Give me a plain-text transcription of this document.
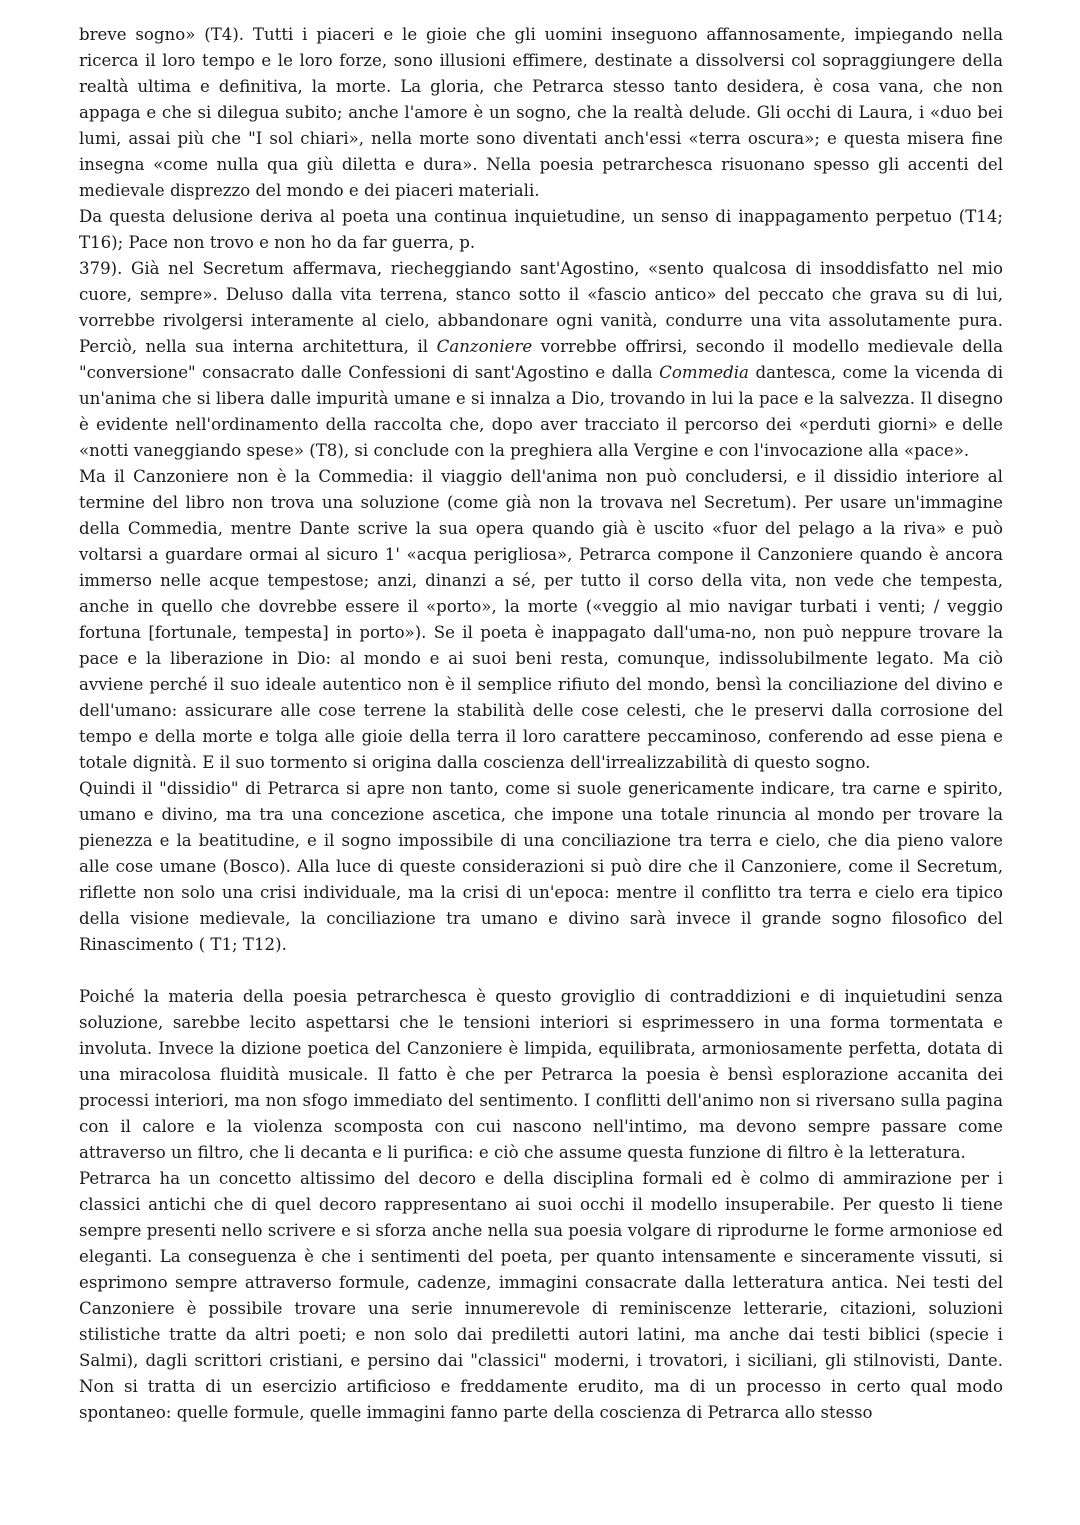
breve sogno» (T4). Tutti i piaceri e le gioie che gli uomini inseguono affannosamente, impiegando nella ricerca il loro tempo e le loro forze, sono illusioni effimere, destinate a dissolversi col sopraggiungere della realtà ultima e definitiva, la morte. La gloria, che Petrarca stesso tanto desidera, è cosa vana, che non appaga e che si dilegua subito; anche l'amore è un sogno, che la realtà delude. Gli occhi di Laura, i «duo bei lumi, assai più che "I sol chiari», nella morte sono diventati anch'essi «terra oscura»; e questa misera fine insegna «come nulla qua giù diletta e dura». Nella poesia petrarchesca risuonano spesso gli accenti del medievale disprezzo del mondo e dei piaceri materiali.

Da questa delusione deriva al poeta una continua inquietudine, un senso di inappagamento perpetuo (T14; T16); Pace non trovo e non ho da far guerra, p.

379). Già nel Secretum affermava, riecheggiando sant'Agostino, «sento qualcosa di insoddisfatto nel mio cuore, sempre». Deluso dalla vita terrena, stanco sotto il «fascio antico» del peccato che grava su di lui, vorrebbe rivolgersi interamente al cielo, abbandonare ogni vanità, condurre una vita assolutamente pura. Perciò, nella sua interna architettura, il Canzoniere vorrebbe offrirsi, secondo il modello medievale della "conversione" consacrato dalle Confessioni di sant'Agostino e dalla Commedia dantesca, come la vicenda di un'anima che si libera dalle impurità umane e si innalza a Dio, trovando in lui la pace e la salvezza. Il disegno è evidente nell'ordinamento della raccolta che, dopo aver tracciato il percorso dei «perduti giorni» e delle «notti vaneggiando spese» (T8), si conclude con la preghiera alla Vergine e con l'invocazione alla «pace».

Ma il Canzoniere non è la Commedia: il viaggio dell'anima non può concludersi, e il dissidio interiore al termine del libro non trova una soluzione (come già non la trovava nel Secretum). Per usare un'immagine della Commedia, mentre Dante scrive la sua opera quando già è uscito «fuor del pelago a la riva» e può voltarsi a guardare ormai al sicuro 1' «acqua perigliosa», Petrarca compone il Canzoniere quando è ancora immerso nelle acque tempestose; anzi, dinanzi a sé, per tutto il corso della vita, non vede che tempesta, anche in quello che dovrebbe essere il «porto», la morte («veggio al mio navigar turbati i venti; / veggio fortuna [fortunale, tempesta] in porto»). Se il poeta è inappagato dall'uma-no, non può neppure trovare la pace e la liberazione in Dio: al mondo e ai suoi beni resta, comunque, indissolubilmente legato. Ma ciò avviene perché il suo ideale autentico non è il semplice rifiuto del mondo, bensì la conciliazione del divino e dell'umano: assicurare alle cose terrene la stabilità delle cose celesti, che le preservi dalla corrosione del tempo e della morte e tolga alle gioie della terra il loro carattere peccaminoso, conferendo ad esse piena e totale dignità. E il suo tormento si origina dalla coscienza dell'irrealizzabilità di questo sogno.

Quindi il "dissidio" di Petrarca si apre non tanto, come si suole genericamente indicare, tra carne e spirito, umano e divino, ma tra una concezione ascetica, che impone una totale rinuncia al mondo per trovare la pienezza e la beatitudine, e il sogno impossibile di una conciliazione tra terra e cielo, che dia pieno valore alle cose umane (Bosco). Alla luce di queste considerazioni si può dire che il Canzoniere, come il Secretum, riflette non solo una crisi individuale, ma la crisi di un'epoca: mentre il conflitto tra terra e cielo era tipico della visione medievale, la conciliazione tra umano e divino sarà invece il grande sogno filosofico del Rinascimento ( T1; T12).

Poiché la materia della poesia petrarchesca è questo groviglio di contraddizioni e di inquietudini senza soluzione, sarebbe lecito aspettarsi che le tensioni interiori si esprimessero in una forma tormentata e involuta. Invece la dizione poetica del Canzoniere è limpida, equilibrata, armoniosamente perfetta, dotata di una miracolosa fluidità musicale. Il fatto è che per Petrarca la poesia è bensì esplorazione accanita dei processi interiori, ma non sfogo immediato del sentimento. I conflitti dell'animo non si riversano sulla pagina con il calore e la violenza scomposta con cui nascono nell'intimo, ma devono sempre passare come attraverso un filtro, che li decanta e li purifica: e ciò che assume questa funzione di filtro è la letteratura.

Petrarca ha un concetto altissimo del decoro e della disciplina formali ed è colmo di ammirazione per i classici antichi che di quel decoro rappresentano ai suoi occhi il modello insuperabile. Per questo li tiene sempre presenti nello scrivere e si sforza anche nella sua poesia volgare di riprodurne le forme armoniose ed eleganti. La conseguenza è che i sentimenti del poeta, per quanto intensamente e sinceramente vissuti, si esprimono sempre attraverso formule, cadenze, immagini consacrate dalla letteratura antica. Nei testi del Canzoniere è possibile trovare una serie innumerevole di reminiscenze letterarie, citazioni, soluzioni stilistiche tratte da altri poeti; e non solo dai prediletti autori latini, ma anche dai testi biblici (specie i Salmi), dagli scrittori cristiani, e persino dai "classici" moderni, i trovatori, i siciliani, gli stilnovisti, Dante. Non si tratta di un esercizio artificioso e freddamente erudito, ma di un processo in certo qual modo spontaneo: quelle formule, quelle immagini fanno parte della coscienza di Petrarca allo stesso
